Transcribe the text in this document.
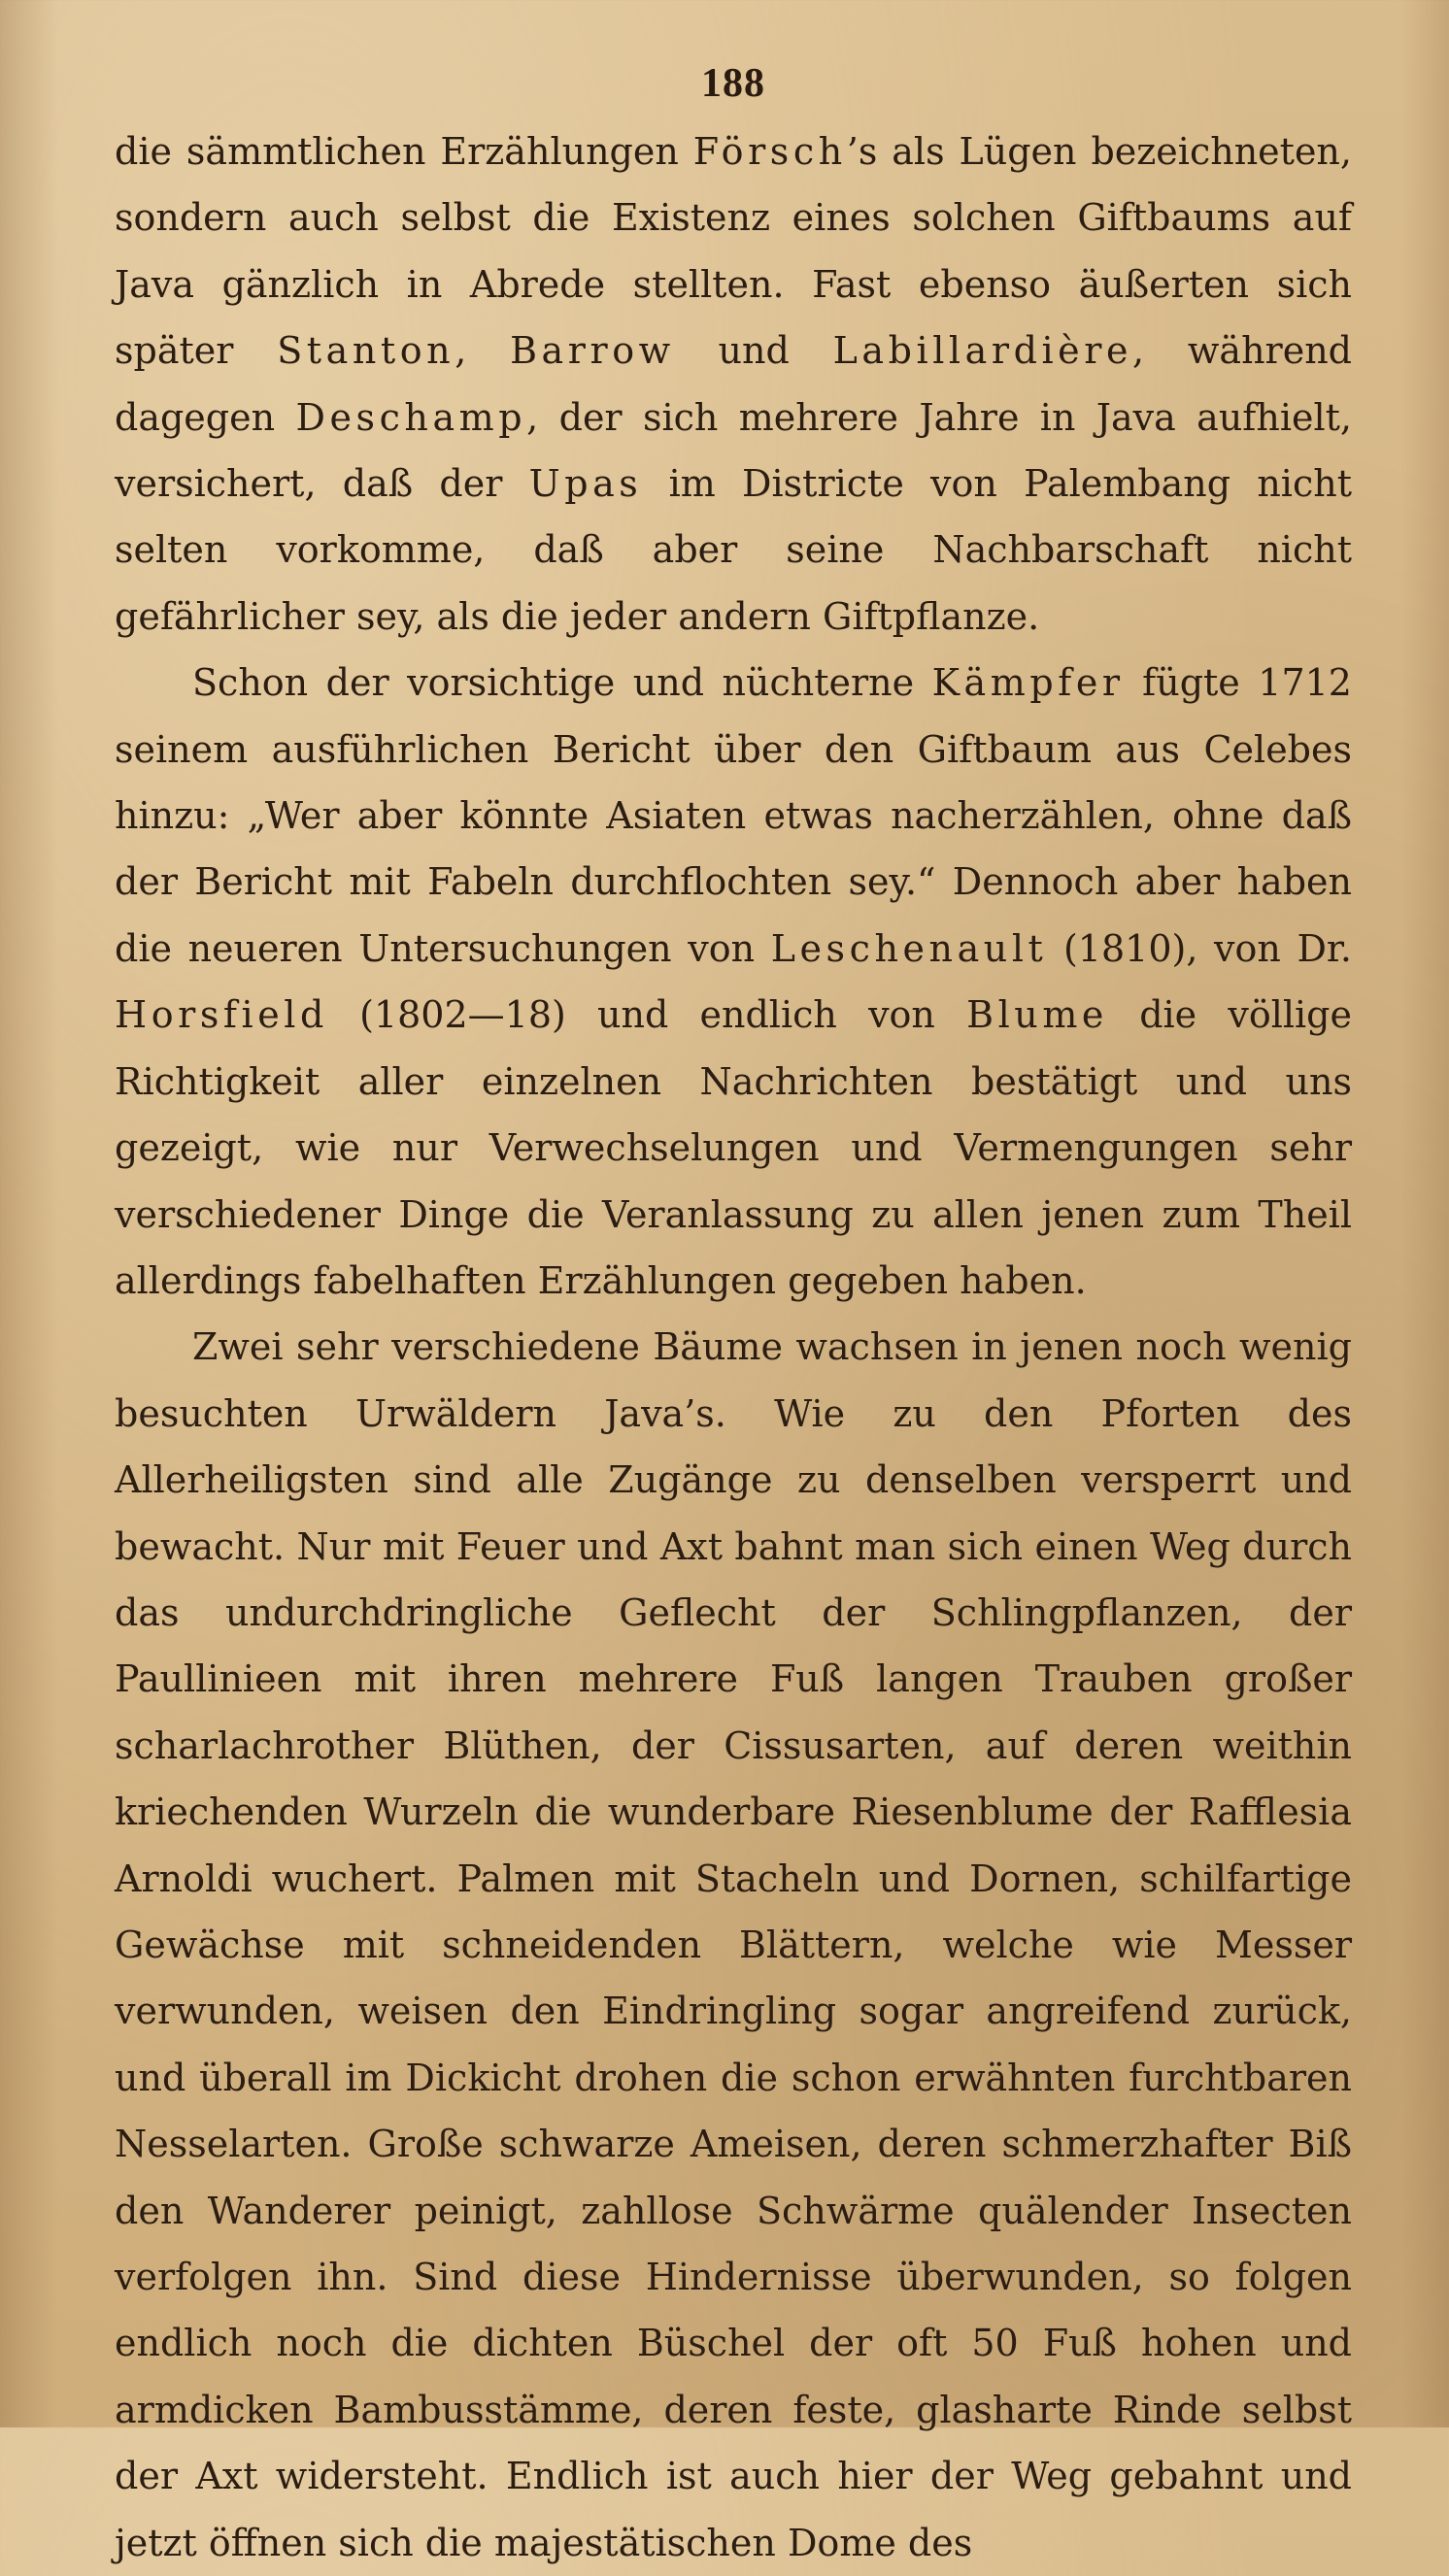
188

die sämmtlichen Erzählungen Försch’s als Lügen bezeichneten, sondern auch selbst die Existenz eines solchen Giftbaums auf Java gänzlich in Abrede stellten. Fast ebenso äußerten sich später Stanton, Barrow und Labillardière, während dagegen Deschamp, der sich mehrere Jahre in Java aufhielt, versichert, daß der Upas im Districte von Palembang nicht selten vorkomme, daß aber seine Nachbarschaft nicht gefährlicher sey, als die jeder andern Giftpflanze.

Schon der vorsichtige und nüchterne Kämpfer fügte 1712 seinem ausführlichen Bericht über den Giftbaum aus Celebes hinzu: „Wer aber könnte Asiaten etwas nacherzählen, ohne daß der Bericht mit Fabeln durchflochten sey.“ Dennoch aber haben die neueren Untersuchungen von Leschenault (1810), von Dr. Horsfield (1802—18) und endlich von Blume die völlige Richtigkeit aller einzelnen Nachrichten bestätigt und uns gezeigt, wie nur Verwechselungen und Vermengungen sehr verschiedener Dinge die Veranlassung zu allen jenen zum Theil allerdings fabelhaften Erzählungen gegeben haben.

Zwei sehr verschiedene Bäume wachsen in jenen noch wenig besuchten Urwäldern Java’s. Wie zu den Pforten des Allerheiligsten sind alle Zugänge zu denselben versperrt und bewacht. Nur mit Feuer und Axt bahnt man sich einen Weg durch das undurchdringliche Geflecht der Schlingpflanzen, der Paullinieen mit ihren mehrere Fuß langen Trauben großer scharlachrother Blüthen, der Cissusarten, auf deren weithin kriechenden Wurzeln die wunderbare Riesenblume der Rafflesia Arnoldi wuchert. Palmen mit Stacheln und Dornen, schilfartige Gewächse mit schneidenden Blättern, welche wie Messer verwunden, weisen den Eindringling sogar angreifend zurück, und überall im Dickicht drohen die schon erwähnten furchtbaren Nesselarten. Große schwarze Ameisen, deren schmerzhafter Biß den Wanderer peinigt, zahllose Schwärme quälender Insecten verfolgen ihn. Sind diese Hindernisse überwunden, so folgen endlich noch die dichten Büschel der oft 50 Fuß hohen und armdicken Bambusstämme, deren feste, glasharte Rinde selbst der Axt widersteht. Endlich ist auch hier der Weg gebahnt und jetzt öffnen sich die majestätischen Dome des
